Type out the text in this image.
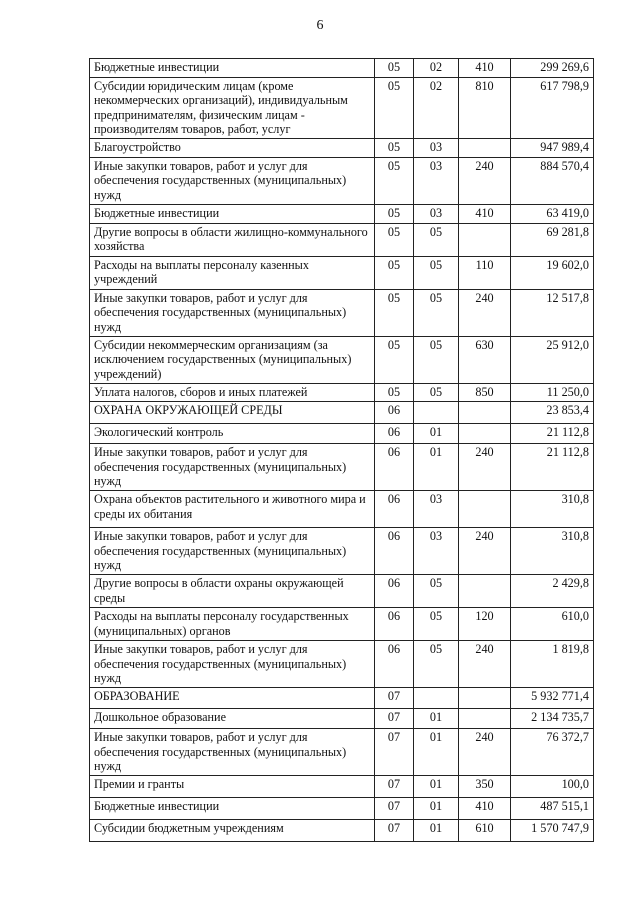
6
Бюджетные инвестиции	05	02	410	299 269,6
Субсидии юридическим лицам (кроме некоммерческих организаций), индивидуальным предпринимателям, физическим лицам - производителям товаров, работ, услуг	05	02	810	617 798,9
Благоустройство	05	03		947 989,4
Иные закупки товаров, работ и услуг для обеспечения государственных (муниципальных) нужд	05	03	240	884 570,4
Бюджетные инвестиции	05	03	410	63 419,0
Другие вопросы в области жилищно-коммунального хозяйства	05	05		69 281,8
Расходы на выплаты персоналу казенных учреждений	05	05	110	19 602,0
Иные закупки товаров, работ и услуг для обеспечения государственных (муниципальных) нужд	05	05	240	12 517,8
Субсидии некоммерческим организациям (за исключением государственных (муниципальных) учреждений)	05	05	630	25 912,0
Уплата налогов, сборов и иных платежей	05	05	850	11 250,0
ОХРАНА ОКРУЖАЮЩЕЙ СРЕДЫ	06			23 853,4
Экологический контроль	06	01		21 112,8
Иные закупки товаров, работ и услуг для обеспечения государственных (муниципальных) нужд	06	01	240	21 112,8
Охрана объектов растительного и животного мира и среды их обитания	06	03		310,8
Иные закупки товаров, работ и услуг для обеспечения государственных (муниципальных) нужд	06	03	240	310,8
Другие вопросы в области охраны окружающей среды	06	05		2 429,8
Расходы на выплаты персоналу государственных (муниципальных) органов	06	05	120	610,0
Иные закупки товаров, работ и услуг для обеспечения государственных (муниципальных) нужд	06	05	240	1 819,8
ОБРАЗОВАНИЕ	07			5 932 771,4
Дошкольное образование	07	01		2 134 735,7
Иные закупки товаров, работ и услуг для обеспечения государственных (муниципальных) нужд	07	01	240	76 372,7
Премии и гранты	07	01	350	100,0
Бюджетные инвестиции	07	01	410	487 515,1
Субсидии бюджетным учреждениям	07	01	610	1 570 747,9
